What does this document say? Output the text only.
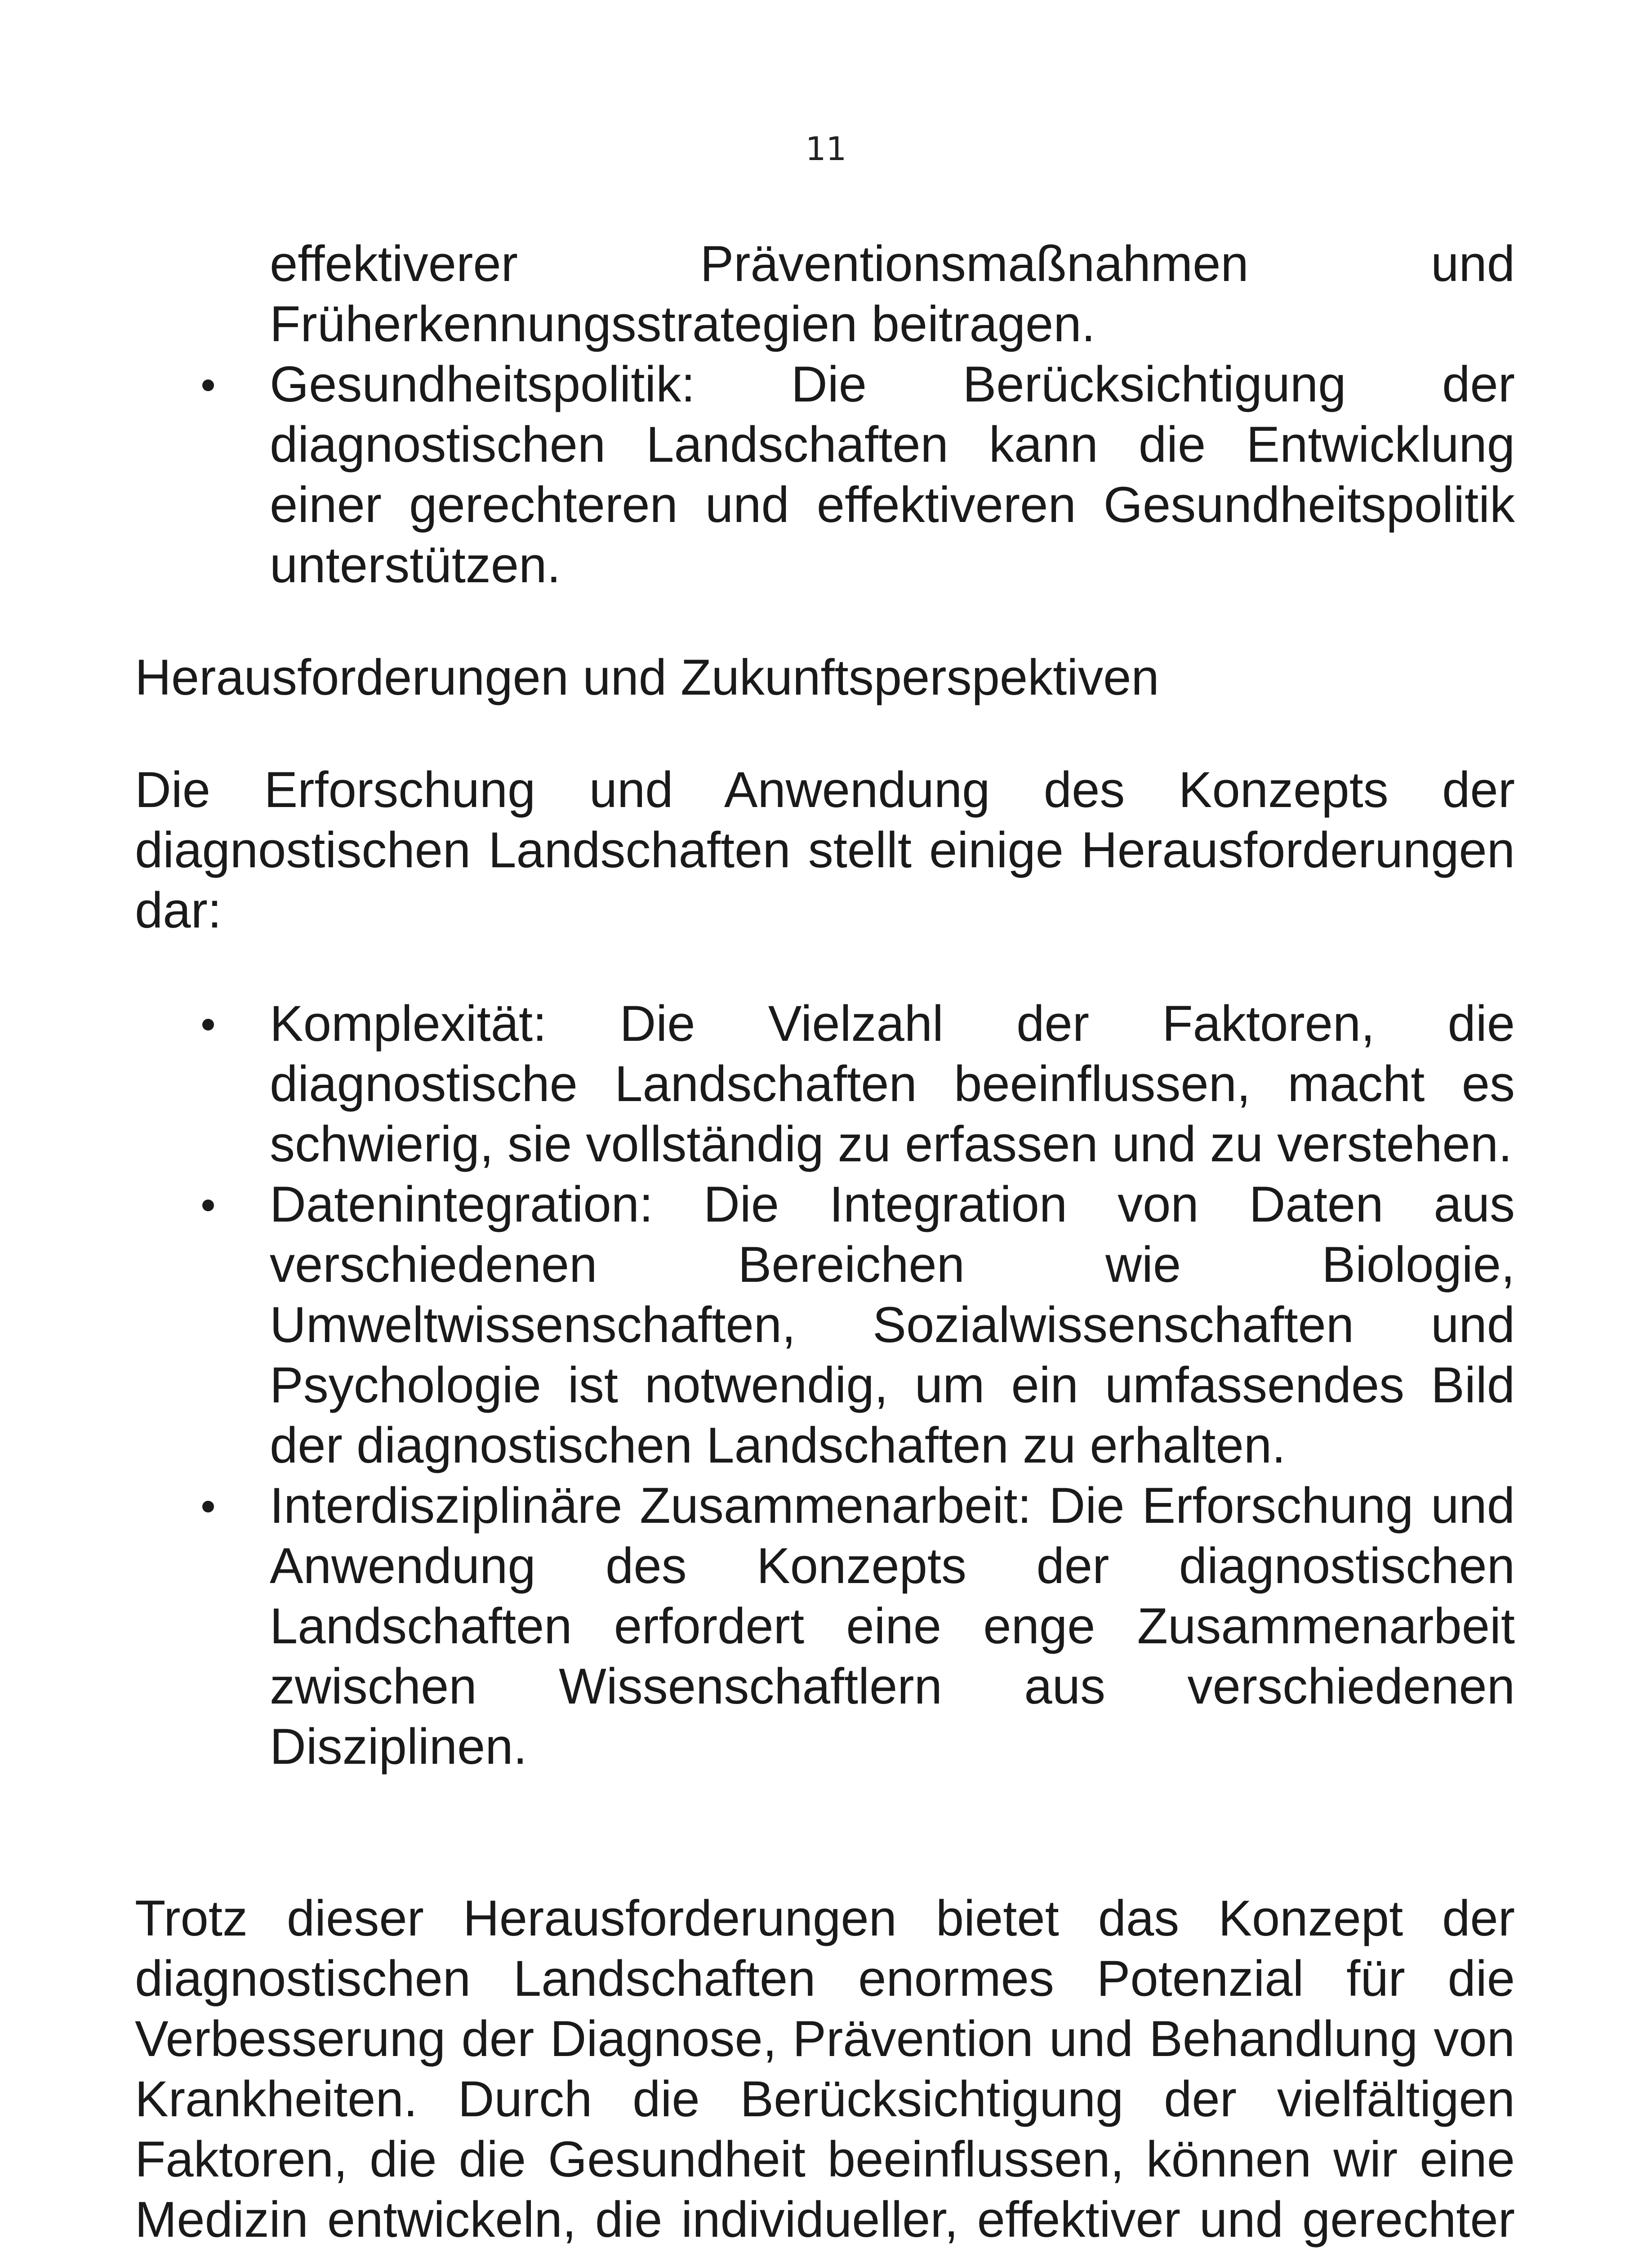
11
effektiverer Präventionsmaßnahmen und Früherkennungsstrategien beitragen.
Gesundheitspolitik: Die Berücksichtigung der diagnostischen Landschaften kann die Entwicklung einer gerechteren und effektiveren Gesundheitspolitik unterstützen.
Herausforderungen und Zukunftsperspektiven
Die Erforschung und Anwendung des Konzepts der diagnostischen Landschaften stellt einige Herausforderungen dar:
Komplexität: Die Vielzahl der Faktoren, die diagnostische Landschaften beeinflussen, macht es schwierig, sie vollständig zu erfassen und zu verstehen.
Datenintegration: Die Integration von Daten aus verschiedenen Bereichen wie Biologie, Umweltwissenschaften, Sozialwissenschaften und Psychologie ist notwendig, um ein umfassendes Bild der diagnostischen Landschaften zu erhalten.
Interdisziplinäre Zusammenarbeit: Die Erforschung und Anwendung des Konzepts der diagnostischen Landschaften erfordert eine enge Zusammenarbeit zwischen Wissenschaftlern aus verschiedenen Disziplinen.
Trotz dieser Herausforderungen bietet das Konzept der diagnostischen Landschaften enormes Potenzial für die Verbesserung der Diagnose, Prävention und Behandlung von Krankheiten. Durch die Berücksichtigung der vielfältigen Faktoren, die die Gesundheit beeinflussen, können wir eine Medizin entwickeln, die individueller, effektiver und gerechter
